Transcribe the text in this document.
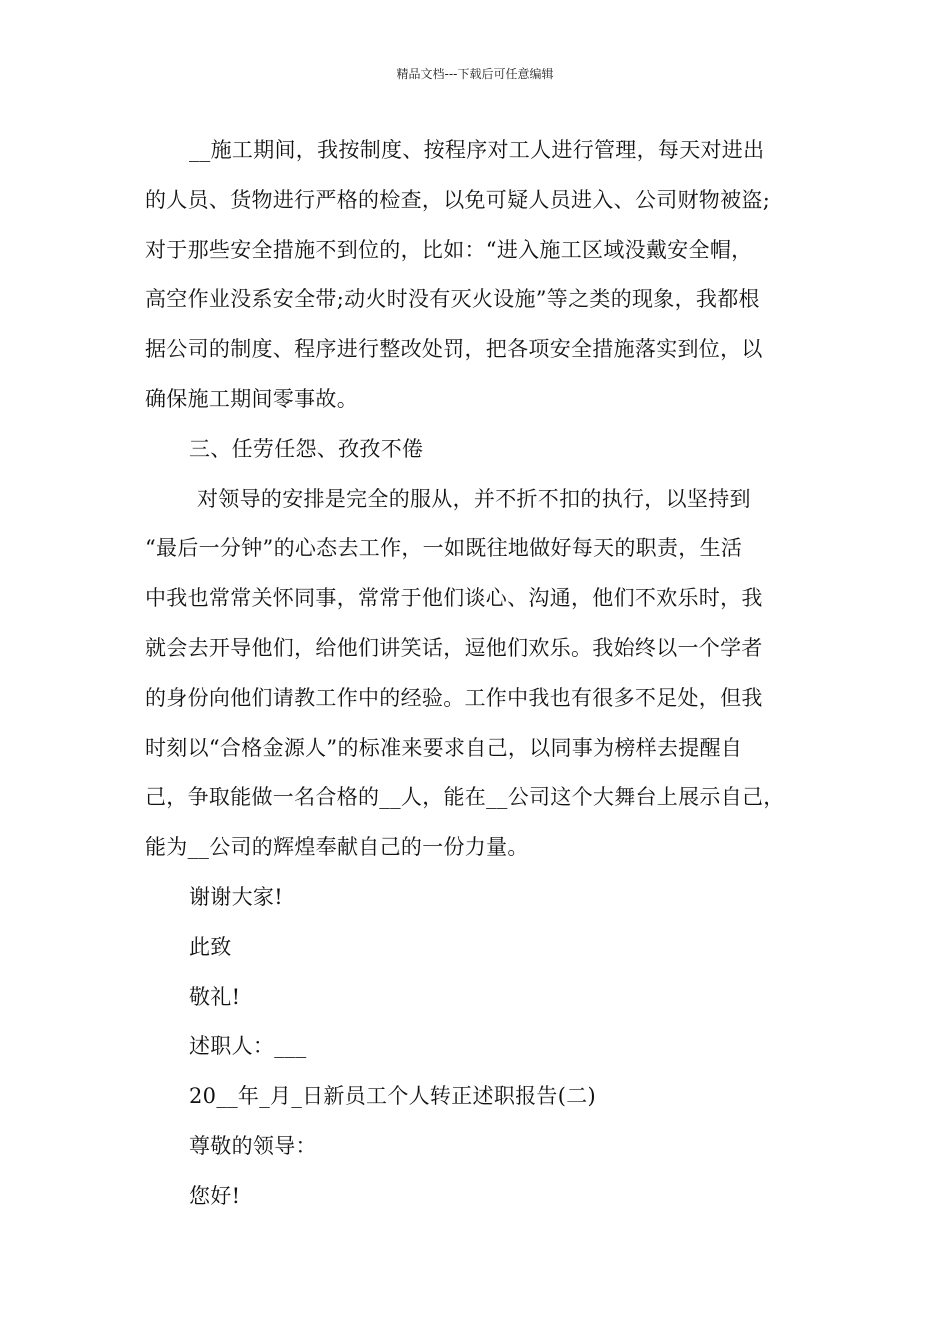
精品文档---下载后可任意编辑
__施工期间，我按制度、按程序对工人进行管理，每天对进出
的人员、货物进行严格的检查，以免可疑人员进入、公司财物被盗;
对于那些安全措施不到位的，比如：“进入施工区域没戴安全帽，
高空作业没系安全带;动火时没有灭火设施”等之类的现象，我都根
据公司的制度、程序进行整改处罚，把各项安全措施落实到位，以
确保施工期间零事故。
三、任劳任怨、孜孜不倦
对领导的安排是完全的服从，并不折不扣的执行，以坚持到
“最后一分钟”的心态去工作，一如既往地做好每天的职责，生活
中我也常常关怀同事，常常于他们谈心、沟通，他们不欢乐时，我
就会去开导他们，给他们讲笑话，逗他们欢乐。我始终以一个学者
的身份向他们请教工作中的经验。工作中我也有很多不足处，但我
时刻以“合格金源人”的标准来要求自己，以同事为榜样去提醒自
己，争取能做一名合格的__人，能在__公司这个大舞台上展示自己，
能为__公司的辉煌奉献自己的一份力量。
谢谢大家!
此致
敬礼!
述职人：___
20__年_月_日新员工个人转正述职报告(二)
尊敬的领导：
您好!
